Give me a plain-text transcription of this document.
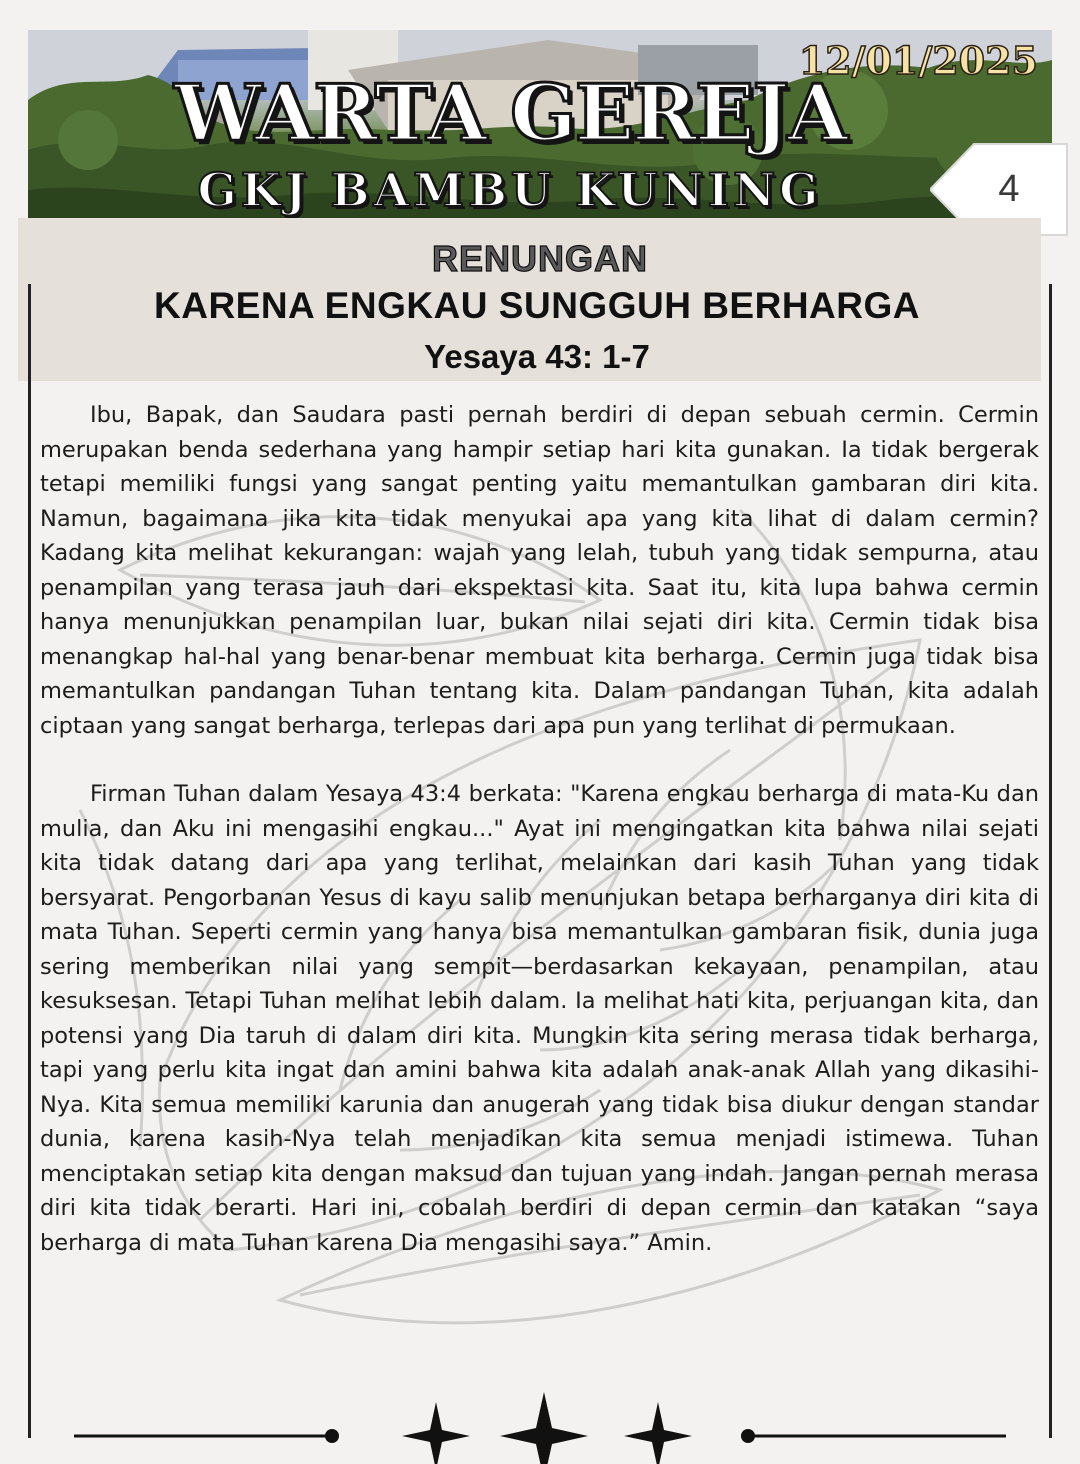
12/01/2025
WARTA GEREJA
GKJ BAMBU KUNING	4
RENUNGAN
KARENA ENGKAU SUNGGUH BERHARGA
Yesaya 43: 1-7

Ibu, Bapak, dan Saudara pasti pernah berdiri di depan sebuah cermin. Cermin merupakan benda sederhana yang hampir setiap hari kita gunakan. Ia tidak bergerak tetapi memiliki fungsi yang sangat penting yaitu memantulkan gambaran diri kita. Namun, bagaimana jika kita tidak menyukai apa yang kita lihat di dalam cermin? Kadang kita melihat kekurangan: wajah yang lelah, tubuh yang tidak sempurna, atau penampilan yang terasa jauh dari ekspektasi kita. Saat itu, kita lupa bahwa cermin hanya menunjukkan penampilan luar, bukan nilai sejati diri kita. Cermin tidak bisa menangkap hal-hal yang benar-benar membuat kita berharga. Cermin juga tidak bisa memantulkan pandangan Tuhan tentang kita. Dalam pandangan Tuhan, kita adalah ciptaan yang sangat berharga, terlepas dari apa pun yang terlihat di permukaan.

Firman Tuhan dalam Yesaya 43:4 berkata: "Karena engkau berharga di mata-Ku dan mulia, dan Aku ini mengasihi engkau..." Ayat ini mengingatkan kita bahwa nilai sejati kita tidak datang dari apa yang terlihat, melainkan dari kasih Tuhan yang tidak bersyarat. Pengorbanan Yesus di kayu salib menunjukan betapa berharganya diri kita di mata Tuhan. Seperti cermin yang hanya bisa memantulkan gambaran fisik, dunia juga sering memberikan nilai yang sempit—berdasarkan kekayaan, penampilan, atau kesuksesan. Tetapi Tuhan melihat lebih dalam. Ia melihat hati kita, perjuangan kita, dan potensi yang Dia taruh di dalam diri kita. Mungkin kita sering merasa tidak berharga, tapi yang perlu kita ingat dan amini bahwa kita adalah anak-anak Allah yang dikasihi-Nya. Kita semua memiliki karunia dan anugerah yang tidak bisa diukur dengan standar dunia, karena kasih-Nya telah menjadikan kita semua menjadi istimewa. Tuhan menciptakan setiap kita dengan maksud dan tujuan yang indah. Jangan pernah merasa diri kita tidak berarti. Hari ini, cobalah berdiri di depan cermin dan katakan “saya berharga di mata Tuhan karena Dia mengasihi saya.” Amin.
